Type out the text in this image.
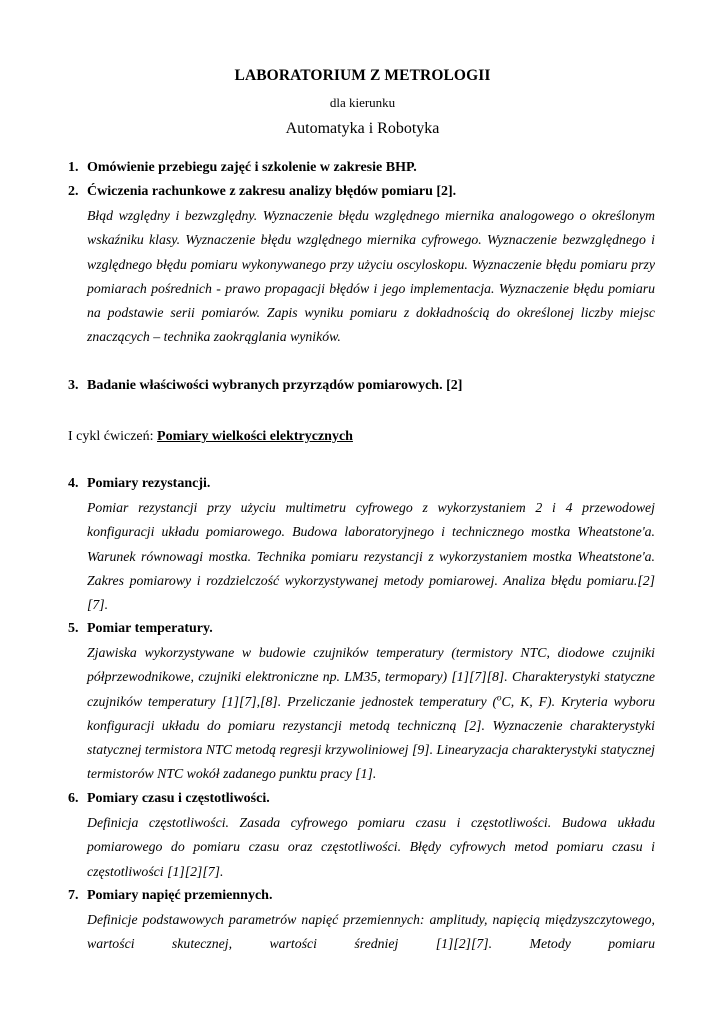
LABORATORIUM Z METROLOGII
dla kierunku
Automatyka i Robotyka
1. Omówienie przebiegu zajęć i szkolenie w zakresie BHP.
2. Ćwiczenia rachunkowe z zakresu analizy błędów pomiaru [2].
Błąd względny i bezwzględny. Wyznaczenie błędu względnego miernika analogowego o określonym wskaźniku klasy. Wyznaczenie błędu względnego miernika cyfrowego. Wyznaczenie bezwzględnego i względnego błędu pomiaru wykonywanego przy użyciu oscyloskopu. Wyznaczenie błędu pomiaru przy pomiarach pośrednich - prawo propagacji błędów i jego implementacja. Wyznaczenie błędu pomiaru na podstawie serii pomiarów. Zapis wyniku pomiaru z dokładnością do określonej liczby miejsc znaczących – technika zaokrąglania wyników.
3. Badanie właściwości wybranych przyrządów pomiarowych. [2]
I cykl ćwiczeń: Pomiary wielkości elektrycznych
4. Pomiary rezystancji.
Pomiar rezystancji przy użyciu multimetru cyfrowego z wykorzystaniem 2 i 4 przewodowej konfiguracji układu pomiarowego. Budowa laboratoryjnego i technicznego mostka Wheatstone'a. Warunek równowagi mostka. Technika pomiaru rezystancji z wykorzystaniem mostka Wheatstone'a. Zakres pomiarowy i rozdzielczość wykorzystywanej metody pomiarowej. Analiza błędu pomiaru.[2][7].
5. Pomiar temperatury.
Zjawiska wykorzystywane w budowie czujników temperatury (termistory NTC, diodowe czujniki półprzewodnikowe, czujniki elektroniczne np. LM35, termopary) [1][7][8]. Charakterystyki statyczne czujników temperatury [1][7],[8]. Przeliczanie jednostek temperatury ($^o$C, K, F). Kryteria wyboru konfiguracji układu do pomiaru rezystancji metodą techniczną [2]. Wyznaczenie charakterystyki statycznej termistora NTC metodą regresji krzywoliniowej [9]. Linearyzacja charakterystyki statycznej termistorów NTC wokół zadanego punktu pracy [1].
6. Pomiary czasu i częstotliwości.
Definicja częstotliwości. Zasada cyfrowego pomiaru czasu i częstotliwości. Budowa układu pomiarowego do pomiaru czasu oraz częstotliwości. Błędy cyfrowych metod pomiaru czasu i częstotliwości [1][2][7].
7. Pomiary napięć przemiennych.
Definicje podstawowych parametrów napięć przemiennych: amplitudy, napięcią międzyszczytowego, wartości skutecznej, wartości średniej [1][2][7]. Metody pomiaru
